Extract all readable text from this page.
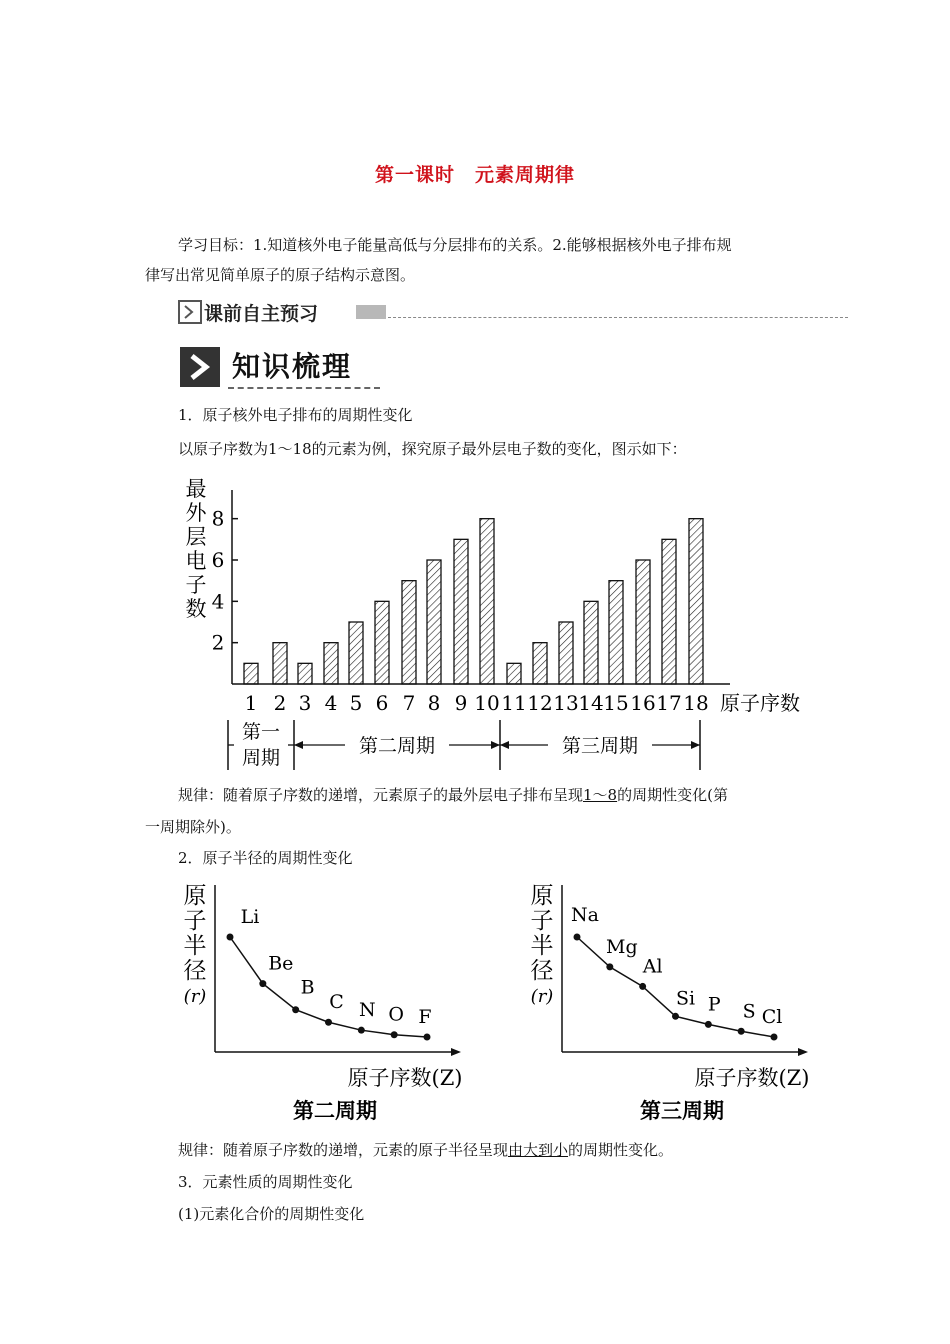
第一课时　元素周期律
学习目标：1.知道核外电子能量高低与分层排布的关系。2.能够根据核外电子排布规
律写出常见简单原子的原子结构示意图。
课前自主预习
知识梳理
1．原子核外电子排布的周期性变化
以原子序数为1～18的元素为例，探究原子最外层电子数的变化，图示如下：
最
外
层
电
子
数
2
4
6
8
1 2 3 4 5 6 7 8 9 10 11 12 13 14 15 16 17 18 原子序数
第一
周期
第二周期	第三周期
规律：随着原子序数的递增，元素原子的最外层电子排布呈现1～8的周期性变化(第
一周期除外)。
2．原子半径的周期性变化
原
子
半
径
(r)
Li
Be
B
C N O F
原子序数(Z)
第二周期
原
子
半
径
(r)
Na
Mg
Al
Si P S Cl
原子序数(Z)
第三周期
规律：随着原子序数的递增，元素的原子半径呈现由大到小的周期性变化。
3．元素性质的周期性变化
(1)元素化合价的周期性变化
